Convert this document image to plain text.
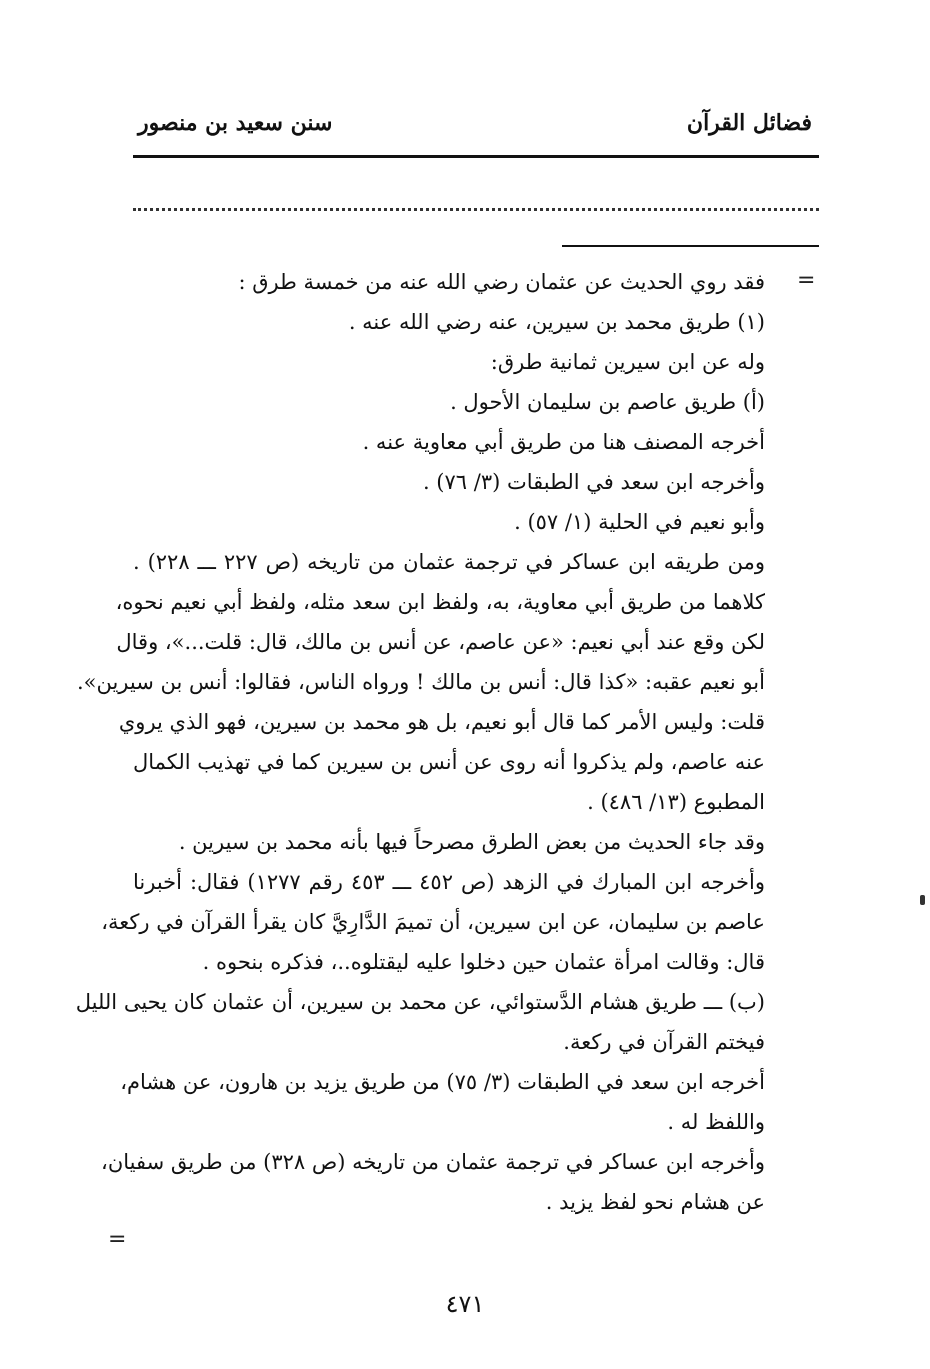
فضائل القرآن
سنن سعيد بن منصور
=
فقد روي الحديث عن عثمان رضي الله عنه من خمسة طرق :
(١) طريق محمد بن سيرين، عنه رضي الله عنه .
وله عن ابن سيرين ثمانية طرق:
(أ) طريق عاصم بن سليمان الأحول .
أخرجه المصنف هنا من طريق أبي معاوية عنه .
وأخرجه ابن سعد في الطبقات (٣/ ٧٦) .
وأبو نعيم في الحلية (١/ ٥٧) .
ومن طريقه ابن عساكر في ترجمة عثمان من تاريخه (ص ٢٢٧ ـــ ٢٢٨) .
كلاهما من طريق أبي معاوية، به، ولفظ ابن سعد مثله، ولفظ أبي نعيم نحوه،
لكن وقع عند أبي نعيم: «عن عاصم، عن أنس بن مالك، قال: قلت...»، وقال
أبو نعيم عقبه: «كذا قال: أنس بن مالك ! ورواه الناس، فقالوا: أنس بن سيرين».
قلت: وليس الأمر كما قال أبو نعيم، بل هو محمد بن سيرين، فهو الذي يروي
عنه عاصم، ولم يذكروا أنه روى عن أنس بن سيرين كما في تهذيب الكمال
المطبوع (١٣/ ٤٨٦) .
وقد جاء الحديث من بعض الطرق مصرحاً فيها بأنه محمد بن سيرين .
وأخرجه ابن المبارك في الزهد (ص ٤٥٢ ـــ ٤٥٣ رقم ١٢٧٧) فقال: أخبرنا
عاصم بن سليمان، عن ابن سيرين، أن تميمَ الدَّارِيَّ كان يقرأ القرآن في ركعة،
قال: وقالت امرأة عثمان حين دخلوا عليه ليقتلوه..، فذكره بنحوه .
(ب) ـــ طريق هشام الدَّستوائي، عن محمد بن سيرين، أن عثمان كان يحيى الليل
فيختم القرآن في ركعة.
أخرجه ابن سعد في الطبقات (٣/ ٧٥) من طريق يزيد بن هارون، عن هشام،
واللفظ له .
وأخرجه ابن عساكر في ترجمة عثمان من تاريخه (ص ٣٢٨) من طريق سفيان،
عن هشام نحو لفظ يزيد .
=
٤٧١
